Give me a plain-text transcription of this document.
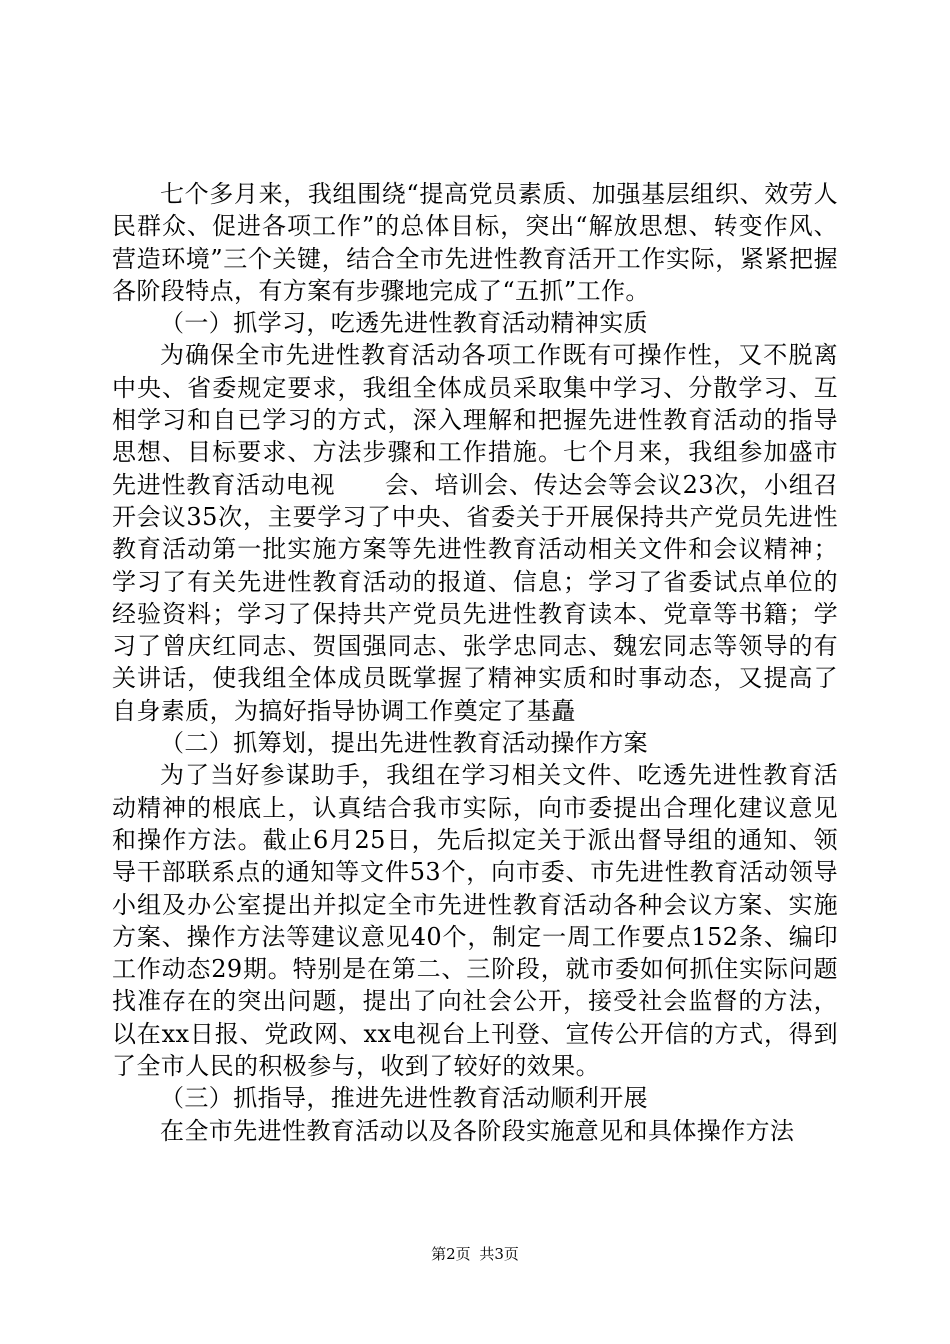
七个多月来，我组围绕“提高党员素质、加强基层组织、效劳人民群众、促进各项工作”的总体目标，突出“解放思想、转变作风、营造环境”三个关键，结合全市先进性教育活开工作实际，紧紧把握各阶段特点，有方案有步骤地完成了“五抓”工作。

（一）抓学习，吃透先进性教育活动精神实质

为确保全市先进性教育活动各项工作既有可操作性，又不脱离中央、省委规定要求，我组全体成员采取集中学习、分散学习、互相学习和自已学习的方式，深入理解和把握先进性教育活动的指导思想、目标要求、方法步骤和工作措施。七个月来，我组参加盛市先进性教育活动电视　　会、培训会、传达会等会议23次，小组召开会议35次，主要学习了中央、省委关于开展保持共产党员先进性教育活动第一批实施方案等先进性教育活动相关文件和会议精神；学习了有关先进性教育活动的报道、信息；学习了省委试点单位的经验资料；学习了保持共产党员先进性教育读本、党章等书籍；学习了曾庆红同志、贺国强同志、张学忠同志、魏宏同志等领导的有关讲话，使我组全体成员既掌握了精神实质和时事动态，又提高了自身素质，为搞好指导协调工作奠定了基矗

（二）抓筹划，提出先进性教育活动操作方案

为了当好参谋助手，我组在学习相关文件、吃透先进性教育活动精神的根底上，认真结合我市实际，向市委提出合理化建议意见和操作方法。截止6月25日，先后拟定关于派出督导组的通知、领导干部联系点的通知等文件53个，向市委、市先进性教育活动领导小组及办公室提出并拟定全市先进性教育活动各种会议方案、实施方案、操作方法等建议意见40个，制定一周工作要点152条、编印工作动态29期。特别是在第二、三阶段，就市委如何抓住实际问题找准存在的突出问题，提出了向社会公开，接受社会监督的方法，以在xx日报、党政网、xx电视台上刊登、宣传公开信的方式，得到了全市人民的积极参与，收到了较好的效果。

（三）抓指导，推进先进性教育活动顺利开展

在全市先进性教育活动以及各阶段实施意见和具体操作方法

第2页 共3页
